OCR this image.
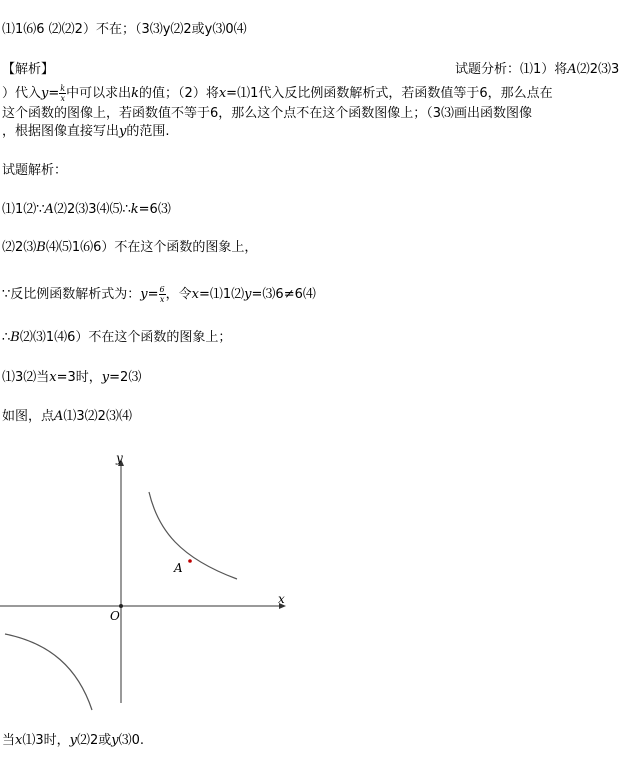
⑴1⑹6 ⑵⑵2）不在；（3⑶y⑵2或y⑶0⑷
【解析】	试题分析：⑴1）将A⑵2⑶3
）代入$y= \frac{k}{x}$ 中可以求出k的值；（2）将x=⑴1代入反比例函数解析式，若函数值等于6，那么点在
这个函数的图像上，若函数值不等于6，那么这个点不在这个函数图像上；（3⑶画出函数图像
，根据图像直接写出y的范围.
试题解析：
⑴1⑵∵A⑵2⑶3⑷⑸∴k=6⑶
⑵2⑶B⑷⑸1⑹6）不在这个函数的图象上，
∵反比例函数解析式为：$y= \frac{6}{x}$ ，令x=⑴1⑵y=⑶6≠6⑷
∴B⑵⑶1⑷6）不在这个函数的图象上；
⑴3⑵当x=3时，y=2⑶
如图，点A⑴3⑵2⑶⑷
y
x
O
A
当x⑴3时，y⑵2或y⑶0.
